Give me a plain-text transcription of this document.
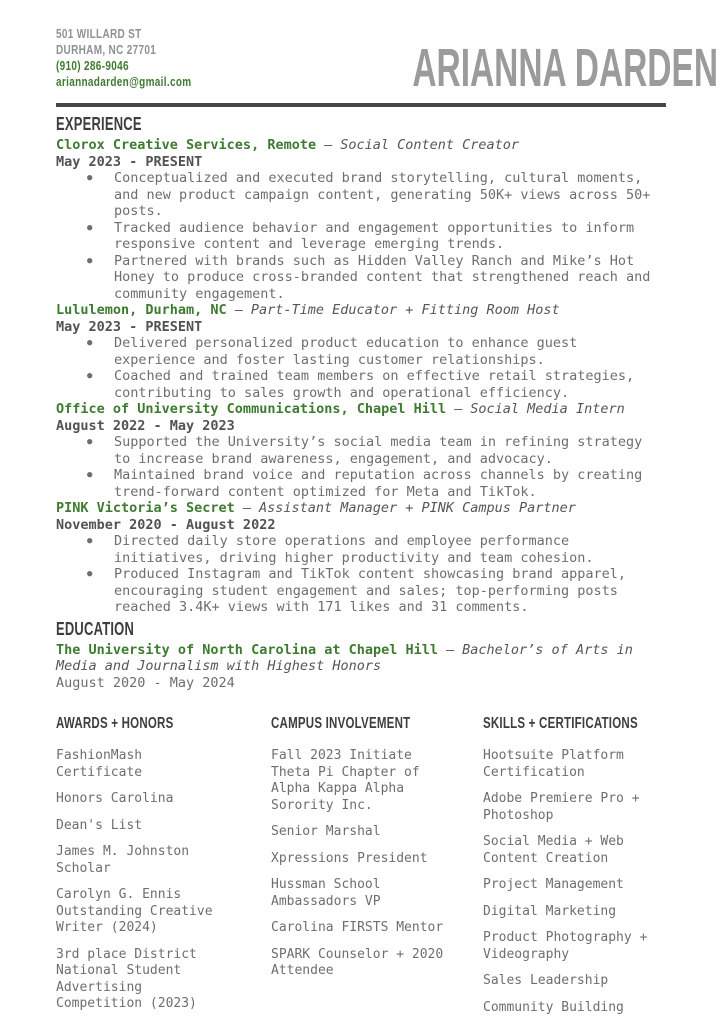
501 WILLARD ST
DURHAM, NC 27701
(910) 286-9046
ariannadarden@gmail.com	ARIANNA DARDEN
EXPERIENCE

Clorox Creative Services, Remote — Social Content Creator

May 2023 - PRESENT

● Conceptualized and executed brand storytelling, cultural moments, and new product campaign content, generating 50K+ views across 50+ posts.
● Tracked audience behavior and engagement opportunities to inform responsive content and leverage emerging trends.
● Partnered with brands such as Hidden Valley Ranch and Mike’s Hot Honey to produce cross-branded content that strengthened reach and community engagement.

Lululemon, Durham, NC — Part-Time Educator + Fitting Room Host

May 2023 - PRESENT

● Delivered personalized product education to enhance guest experience and foster lasting customer relationships.
● Coached and trained team members on effective retail strategies, contributing to sales growth and operational efficiency.

Office of University Communications, Chapel Hill — Social Media Intern

August 2022 - May 2023

● Supported the University’s social media team in refining strategy to increase brand awareness, engagement, and advocacy.
● Maintained brand voice and reputation across channels by creating trend-forward content optimized for Meta and TikTok.

PINK Victoria’s Secret — Assistant Manager + PINK Campus Partner

November 2020 - August 2022

● Directed daily store operations and employee performance initiatives, driving higher productivity and team cohesion.
● Produced Instagram and TikTok content showcasing brand apparel, encouraging student engagement and sales; top-performing posts reached 3.4K+ views with 171 likes and 31 comments.
EDUCATION

The University of North Carolina at Chapel Hill — Bachelor’s of Arts in Media and Journalism with Highest Honors

August 2020 - May 2024

AWARDS + HONORS

FashionMash Certificate

Honors Carolina

Dean's List

James M. Johnston Scholar

Carolyn G. Ennis Outstanding Creative Writer (2024)

3rd place District National Student Advertising Competition (2023)

CAMPUS INVOLVEMENT

Fall 2023 Initiate Theta Pi Chapter of Alpha Kappa Alpha Sorority Inc.

Senior Marshal

Xpressions President

Hussman School Ambassadors VP

Carolina FIRSTS Mentor

SPARK Counselor + 2020 Attendee

SKILLS + CERTIFICATIONS

Hootsuite Platform Certification

Adobe Premiere Pro + Photoshop

Social Media + Web Content Creation

Project Management

Digital Marketing

Product Photography + Videography

Sales Leadership

Community Building
